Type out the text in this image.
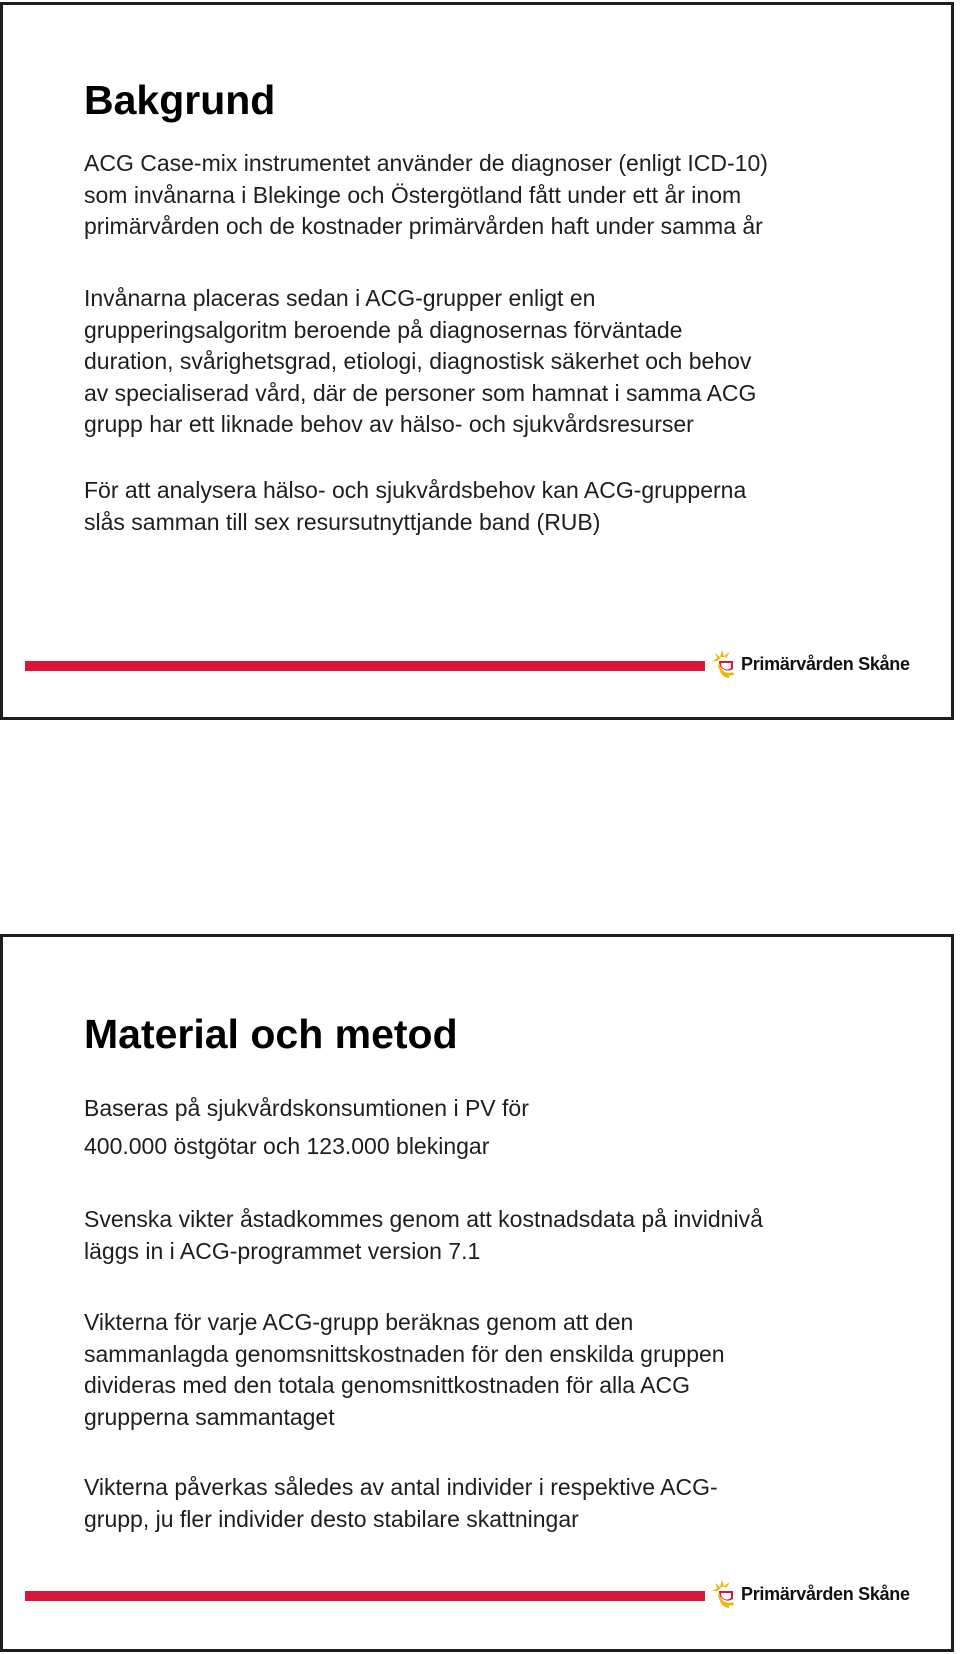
Bakgrund
ACG Case-mix instrumentet använder de diagnoser (enligt ICD-10)
som invånarna i Blekinge och Östergötland fått under ett år inom
primärvården och de kostnader primärvården haft under samma år
Invånarna placeras sedan i ACG-grupper enligt en
grupperingsalgoritm beroende på diagnosernas förväntade
duration, svårighetsgrad, etiologi, diagnostisk säkerhet och behov
av specialiserad vård, där de personer som hamnat i samma ACG
grupp har ett liknade behov av hälso- och sjukvårdsresurser
För att analysera hälso- och sjukvårdsbehov kan ACG-grupperna
slås samman till sex resursutnyttjande band (RUB)
Primärvården Skåne
Material och metod
Baseras på sjukvårdskonsumtionen i PV för
400.000 östgötar och 123.000 blekingar
Svenska vikter åstadkommes genom att kostnadsdata på invidnivå
läggs in i ACG-programmet version 7.1
Vikterna för varje ACG-grupp beräknas genom att den
sammanlagda genomsnittskostnaden för den enskilda gruppen
divideras med den totala genomsnittkostnaden för alla ACG
grupperna sammantaget
Vikterna påverkas således av antal individer i respektive ACG-
grupp, ju fler individer desto stabilare skattningar
Primärvården Skåne
